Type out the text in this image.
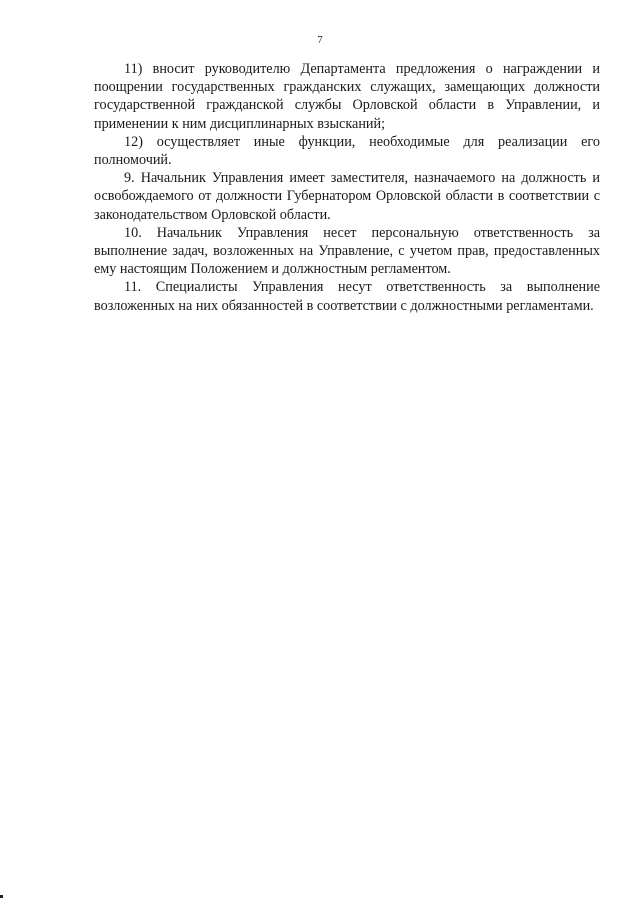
7

11) вносит руководителю Департамента предложения о награждении и поощрении государственных гражданских служащих, замещающих должности государственной гражданской службы Орловской области в Управлении, и применении к ним дисциплинарных взысканий;

12) осуществляет иные функции, необходимые для реализации его полномочий.

9. Начальник Управления имеет заместителя, назначаемого на должность и освобождаемого от должности Губернатором Орловской области в соответствии с законодательством Орловской области.

10. Начальник Управления несет персональную ответственность за выполнение задач, возложенных на Управление, с учетом прав, предоставленных ему настоящим Положением и должностным регламентом.

11. Специалисты Управления несут ответственность за выполнение возложенных на них обязанностей в соответствии с должностными регламентами.
